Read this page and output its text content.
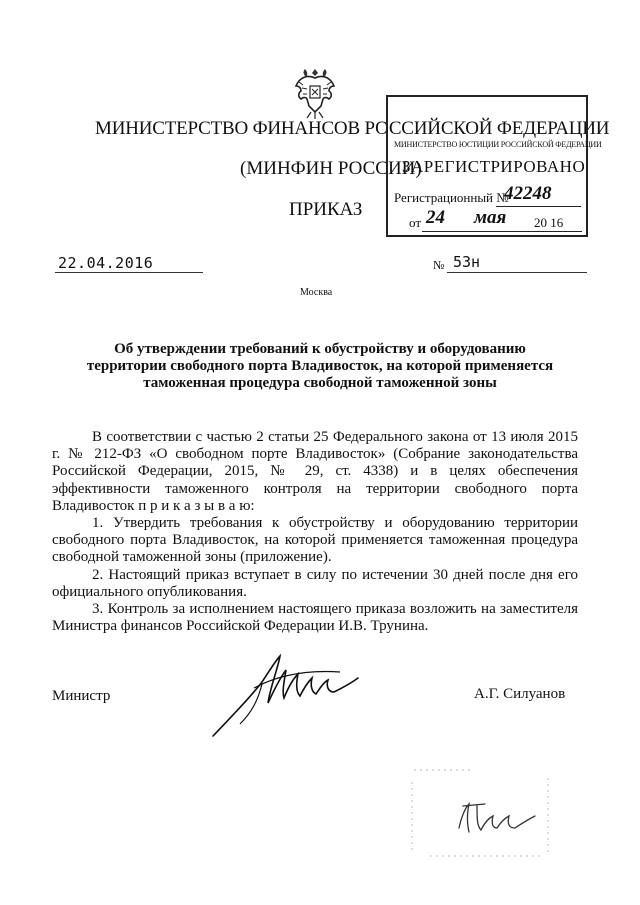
МИНИСТЕРСТВО ФИНАНСОВ РОССИЙСКОЙ ФЕДЕРАЦИИ
(МИНФИН РОССИИ)
ПРИКАЗ
МИНИСТЕРСТВО ЮСТИЦИИ РОССИЙСКОЙ ФЕДЕРАЦИИ
ЗАРЕГИСТРИРОВАНО
Регистрационный №
42248
от 24 мая 20 16
22.04.2016	№ 53н
Москва
Об утверждении требований к обустройству и оборудованию территории свободного порта Владивосток, на которой применяется таможенная процедура свободной таможенной зоны

В соответствии с частью 2 статьи 25 Федерального закона от 13 июля 2015 г. № 212-ФЗ «О свободном порте Владивосток» (Собрание законодательства Российской Федерации, 2015, № 29, ст. 4338) и в целях обеспечения эффективности таможенного контроля на территории свободного порта Владивосток п р и к а з ы в а ю:

1. Утвердить требования к обустройству и оборудованию территории свободного порта Владивосток, на которой применяется таможенная процедура свободной таможенной зоны (приложение).

2. Настоящий приказ вступает в силу по истечении 30 дней после дня его официального опубликования.

3. Контроль за исполнением настоящего приказа возложить на заместителя Министра финансов Российской Федерации И.В. Трунина.

Министр	А.Г. Силуанов
